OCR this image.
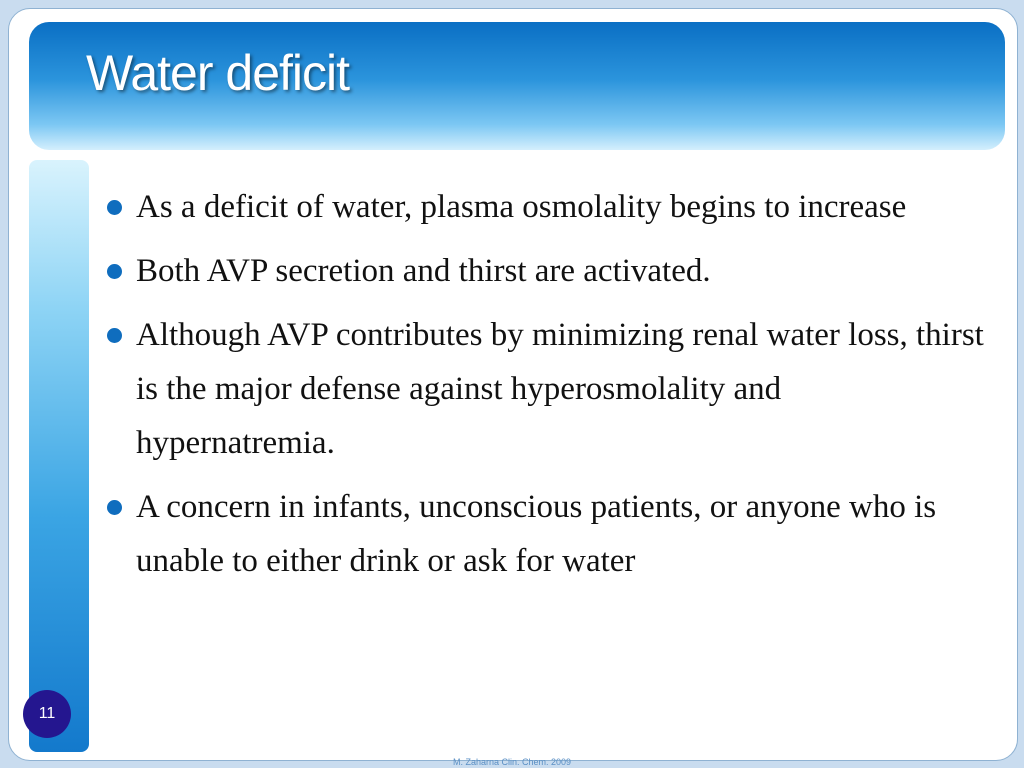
Water deficit
As a deficit of water, plasma osmolality begins to increase
Both AVP secretion and thirst are activated.
Although AVP contributes by minimizing renal water loss, thirst is the major defense against hyperosmolality and hypernatremia.
A concern in infants, unconscious patients, or anyone who is unable to either drink or ask for water
11
M. Zaharna Clin. Chem. 2009
